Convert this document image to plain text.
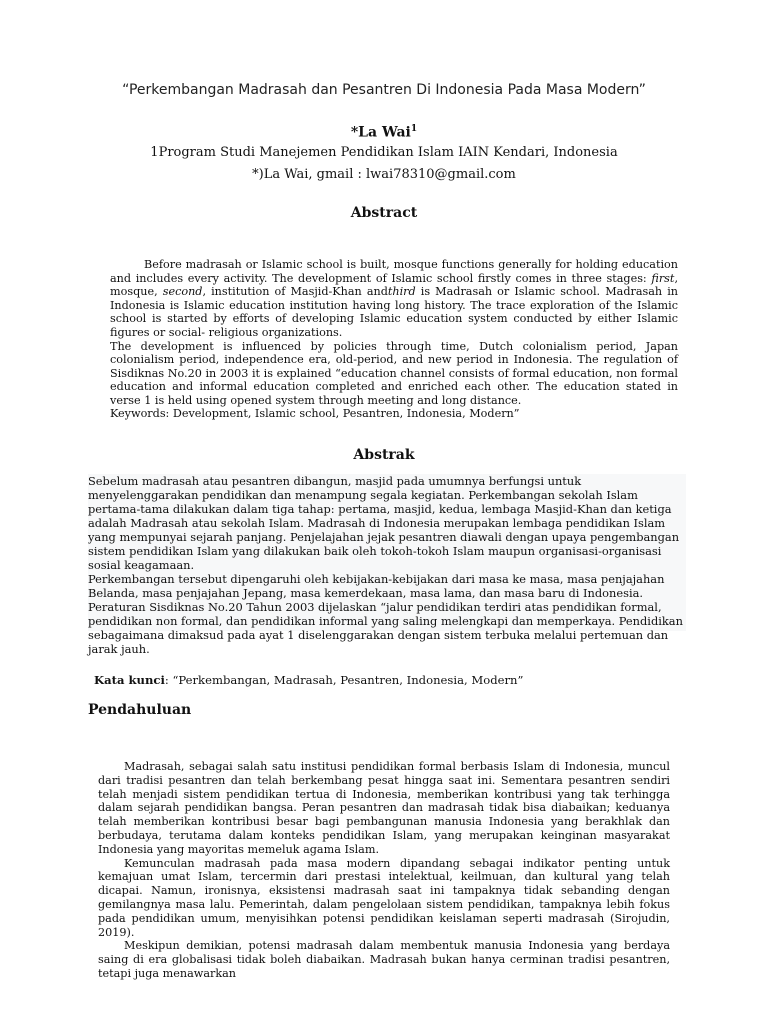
“Perkembangan Madrasah dan Pesantren Di Indonesia Pada Masa Modern”
*La Wai$^1$
1Program Studi Manejemen Pendidikan Islam IAIN Kendari, Indonesia
*)La Wai, gmail : lwai78310@gmail.com
Abstract

Before madrasah or Islamic school is built, mosque functions generally for holding education and includes every activity. The development of Islamic school firstly comes in three stages: first, mosque, second, institution of Masjid-Khan andthird is Madrasah or Islamic school. Madrasah in Indonesia is Islamic education institution having long history. The trace exploration of the Islamic school is started by efforts of developing Islamic education system conducted by either Islamic figures or social- religious organizations.

The development is influenced by policies through time, Dutch colonialism period, Japan colonialism period, independence era, old-period, and new period in Indonesia. The regulation of Sisdiknas No.20 in 2003 it is explained “education channel consists of formal education, non formal education and informal education completed and enriched each other. The education stated in verse 1 is held using opened system through meeting and long distance.

Keywords: Development, Islamic school, Pesantren, Indonesia, Modern”
Abstrak

Sebelum madrasah atau pesantren dibangun, masjid pada umumnya berfungsi untuk menyelenggarakan pendidikan dan menampung segala kegiatan. Perkembangan sekolah Islam pertama-tama dilakukan dalam tiga tahap: pertama, masjid, kedua, lembaga Masjid-Khan dan ketiga adalah Madrasah atau sekolah Islam. Madrasah di Indonesia merupakan lembaga pendidikan Islam yang mempunyai sejarah panjang. Penjelajahan jejak pesantren diawali dengan upaya pengembangan sistem pendidikan Islam yang dilakukan baik oleh tokoh-tokoh Islam maupun organisasi-organisasi sosial keagamaan.

Perkembangan tersebut dipengaruhi oleh kebijakan-kebijakan dari masa ke masa, masa penjajahan Belanda, masa penjajahan Jepang, masa kemerdekaan, masa lama, dan masa baru di Indonesia. Peraturan Sisdiknas No.20 Tahun 2003 dijelaskan “jalur pendidikan terdiri atas pendidikan formal, pendidikan non formal, dan pendidikan informal yang saling melengkapi dan memperkaya. Pendidikan sebagaimana dimaksud pada ayat 1 diselenggarakan dengan sistem terbuka melalui pertemuan dan jarak jauh.

Kata kunci: “Perkembangan, Madrasah, Pesantren, Indonesia, Modern”
Pendahuluan

Madrasah, sebagai salah satu institusi pendidikan formal berbasis Islam di Indonesia, muncul dari tradisi pesantren dan telah berkembang pesat hingga saat ini. Sementara pesantren sendiri telah menjadi sistem pendidikan tertua di Indonesia, memberikan kontribusi yang tak terhingga dalam sejarah pendidikan bangsa. Peran pesantren dan madrasah tidak bisa diabaikan; keduanya telah memberikan kontribusi besar bagi pembangunan manusia Indonesia yang berakhlak dan berbudaya, terutama dalam konteks pendidikan Islam, yang merupakan keinginan masyarakat Indonesia yang mayoritas memeluk agama Islam.

Kemunculan madrasah pada masa modern dipandang sebagai indikator penting untuk kemajuan umat Islam, tercermin dari prestasi intelektual, keilmuan, dan kultural yang telah dicapai. Namun, ironisnya, eksistensi madrasah saat ini tampaknya tidak sebanding dengan gemilangnya masa lalu. Pemerintah, dalam pengelolaan sistem pendidikan, tampaknya lebih fokus pada pendidikan umum, menyisihkan potensi pendidikan keislaman seperti madrasah (Sirojudin, 2019).

Meskipun demikian, potensi madrasah dalam membentuk manusia Indonesia yang berdaya saing di era globalisasi tidak boleh diabaikan. Madrasah bukan hanya cerminan tradisi pesantren, tetapi juga menawarkan
